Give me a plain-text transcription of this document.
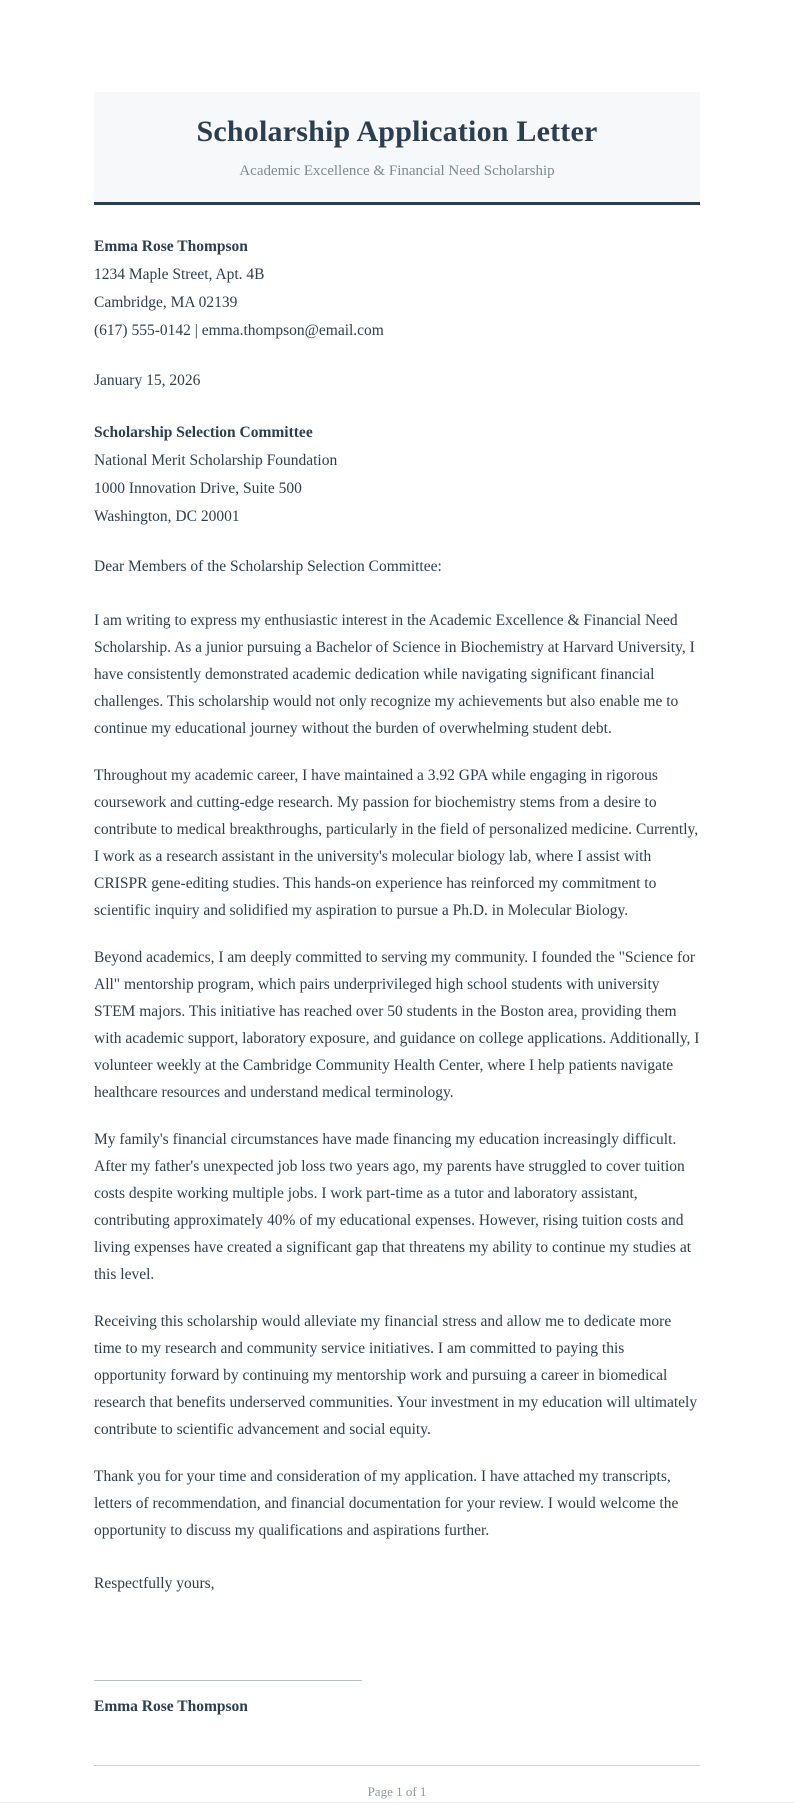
Scholarship Application Letter

Academic Excellence & Financial Need Scholarship

Emma Rose Thompson
1234 Maple Street, Apt. 4B
Cambridge, MA 02139
(617) 555-0142 | emma.thompson@email.com
January 15, 2026
Scholarship Selection Committee
National Merit Scholarship Foundation
1000 Innovation Drive, Suite 500
Washington, DC 20001
Dear Members of the Scholarship Selection Committee:

I am writing to express my enthusiastic interest in the Academic Excellence & Financial Need Scholarship. As a junior pursuing a Bachelor of Science in Biochemistry at Harvard University, I have consistently demonstrated academic dedication while navigating significant financial challenges. This scholarship would not only recognize my achievements but also enable me to continue my educational journey without the burden of overwhelming student debt.

Throughout my academic career, I have maintained a 3.92 GPA while engaging in rigorous coursework and cutting-edge research. My passion for biochemistry stems from a desire to contribute to medical breakthroughs, particularly in the field of personalized medicine. Currently, I work as a research assistant in the university's molecular biology lab, where I assist with CRISPR gene-editing studies. This hands-on experience has reinforced my commitment to scientific inquiry and solidified my aspiration to pursue a Ph.D. in Molecular Biology.

Beyond academics, I am deeply committed to serving my community. I founded the "Science for All" mentorship program, which pairs underprivileged high school students with university STEM majors. This initiative has reached over 50 students in the Boston area, providing them with academic support, laboratory exposure, and guidance on college applications. Additionally, I volunteer weekly at the Cambridge Community Health Center, where I help patients navigate healthcare resources and understand medical terminology.

My family's financial circumstances have made financing my education increasingly difficult. After my father's unexpected job loss two years ago, my parents have struggled to cover tuition costs despite working multiple jobs. I work part-time as a tutor and laboratory assistant, contributing approximately 40% of my educational expenses. However, rising tuition costs and living expenses have created a significant gap that threatens my ability to continue my studies at this level.

Receiving this scholarship would alleviate my financial stress and allow me to dedicate more time to my research and community service initiatives. I am committed to paying this opportunity forward by continuing my mentorship work and pursuing a career in biomedical research that benefits underserved communities. Your investment in my education will ultimately contribute to scientific advancement and social equity.

Thank you for your time and consideration of my application. I have attached my transcripts, letters of recommendation, and financial documentation for your review. I would welcome the opportunity to discuss my qualifications and aspirations further.

Respectfully yours,
Emma Rose Thompson
Page 1 of 1
